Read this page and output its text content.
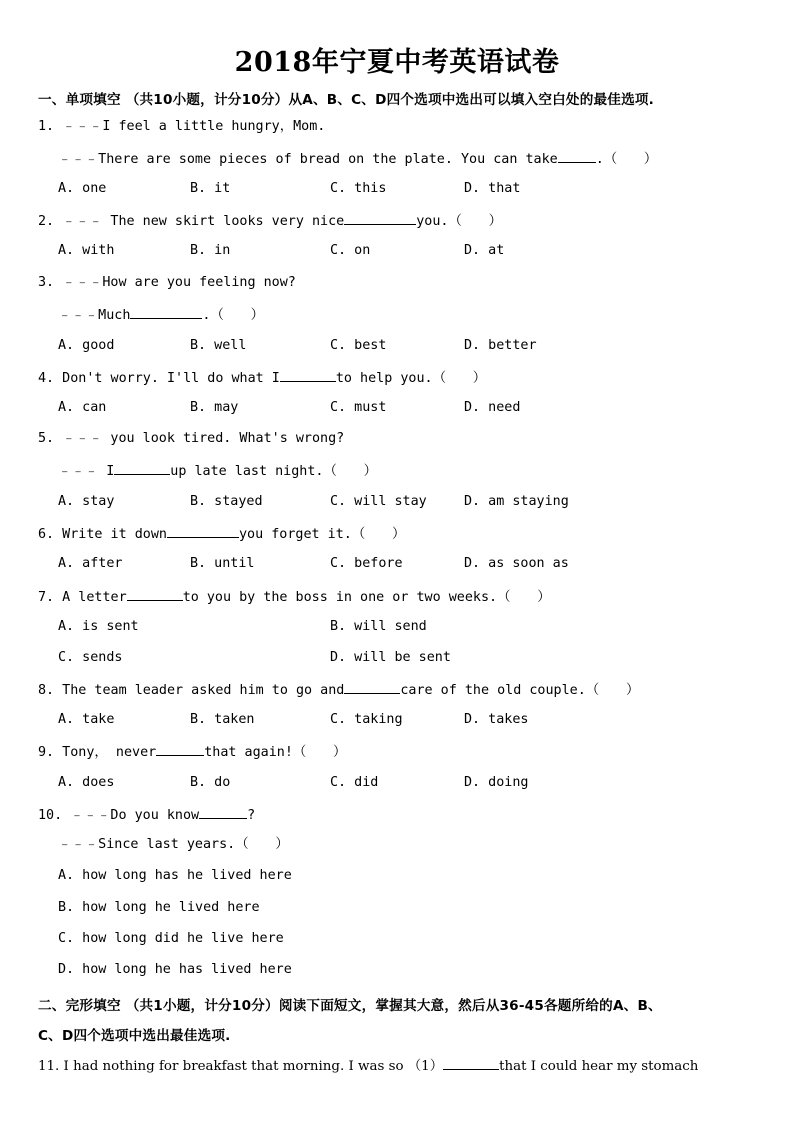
2018年宁夏中考英语试卷
一、单项填空 （共10小题，计分10分）从A、B、C、D四个选项中选出可以填入空白处的最佳选项.
1. ﹣﹣﹣I feel a little hungry，Mom.
﹣﹣﹣There are some pieces of bread on the plate. You can take	.（　　）
A. one	B. it	C. this	D. that
2. ﹣﹣﹣ The new skirt looks very nice	you.（　　）
A. with	B. in	C. on	D. at
3. ﹣﹣﹣How are you feeling now?
﹣﹣﹣Much	.（　　）
A. good	B. well	C. best	D. better
4. Don't worry. I'll do what I	to help you.（　　）
A. can	B. may	C. must	D. need
5. ﹣﹣﹣ you look tired. What's wrong?
﹣﹣﹣ I	up late last night.（　　）
A. stay	B. stayed	C. will stay	D. am staying
6. Write it down	you forget it.（　　）
A. after	B. until	C. before	D. as soon as
7. A letter	to you by the boss in one or two weeks.（　　）
A. is sent	B. will send
C. sends	D. will be sent
8. The team leader asked him to go and	care of the old couple.（　　）
A. take	B. taken	C. taking	D. takes
9. Tony， never	that again!（　　）
A. does	B. do	C. did	D. doing
10. ﹣﹣﹣Do you know	?
﹣﹣﹣Since last years.（　　）
A. how long has he lived here
B. how long he lived here
C. how long did he live here
D. how long he has lived here
二、完形填空 （共1小题，计分10分）阅读下面短文，掌握其大意，然后从36-45各题所给的A、B、
C、D四个选项中选出最佳选项.
11. I had nothing for breakfast that morning. I was so （1）	that I could hear my stomach
